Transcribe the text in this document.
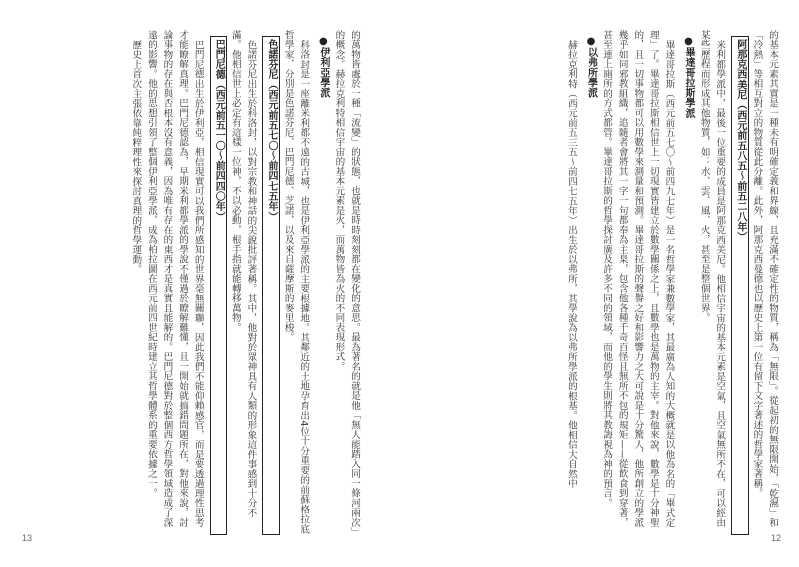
的萬物皆處於一種「流變」的狀態，也就是時時刻刻都在變化的意思。最為著名的就是他「無人能踏入同一條河兩次」的概念。赫拉克利特相信宇宙的基本元素是火，而萬物皆為火的不同表現形式。

●伊利亞學派

科洛封是一座離米利都不遠的古城，也是伊利亞學派的主要根據地。其鄰近的土地孕育出4位十分重要的前蘇格拉底哲學家，分別是色諾芬尼、巴門尼德、芝諾，以及來自薩摩斯的麥里梭。

色諾芬尼（西元前五七〇～前四七五年）

色諾芬尼出生於科洛封，以對宗教和神話的尖銳批評著稱。其中，他對於眾神具有人類的形象這件事感到十分不滿。他相信世上必定有這樣一位神，不以必動，根手指就能轉移萬物。

巴門尼德（西元前五一〇～前四四〇年）

巴門尼德出生於伊利亞，相信現實可以我們所感知的世界毫無關聯，因此我們不能仰賴感官，而是要透過理性思考才能瞭解真理。巴門尼德認為，早期米利都學派的學說不僅過於瞭解難懂，且一開始就搞錯問題所在，對他來說，討論事物的存在與否根本沒有意義，因為唯有存在的東西才是真實且能解的。巴門尼德對於整個西方哲學領域造成了深遠的影響。他的思想引領了整個伊利亞學派，成為柏拉圖在西元前四世紀時建立其哲學體系的重要依據之一。

歷史上首次主張依靠純粹理性來探討真理的哲學運動。

13

的基本元素其實是一種未有明確定義和界線，且充滿不確定性的物質，稱為「無限」。從起初的無限開始，「乾濕」和「冷熱」等相互對立的物質從此分離。此外，阿那克西曼德也以歷史上第一位有留下文字著述的哲學家著稱。

阿那克西美尼（西元前五八五～前五二八年）

米利都學派中，最後一位重要的成員是阿那克西美尼。他相信宇宙的基本元素是空氣，且空氣無所不在，可以經由某些歷程而形成其他物質，如：水、雲、風、火，甚至是整個世界。

●畢達哥拉斯學派

畢達哥拉斯（西元前五七〇～前四九七年）是一名哲學家兼數學家，其最廣為人知的大概就是以他為名的「畢式定理」了。畢達哥拉斯相信世上一切現實皆建立於數學關係之上，且數學也是萬物的主宰。對他來說，數學是十分神聖的，且一切事物都可以用數學來測量和預測。畢達哥拉斯的聲譽之好和影響力之大可說是十分驚人，他所創立的學派幾乎如同邪教組織，追隨者會將其一字一句都奉為主臬，包含他各種千奇百怪且無所不包的規矩——從飲食到穿著，甚至連上廁所的方式都管。畢達哥拉斯的哲學探討廣及許多不同的領域，而他的學生則將其教誨視為神的預言。

●以弗所學派

赫拉克利特（西元前五三五～前四七五年）出生於以弗所，其學說為以弗所學派的根基。他相信大自然中

12
